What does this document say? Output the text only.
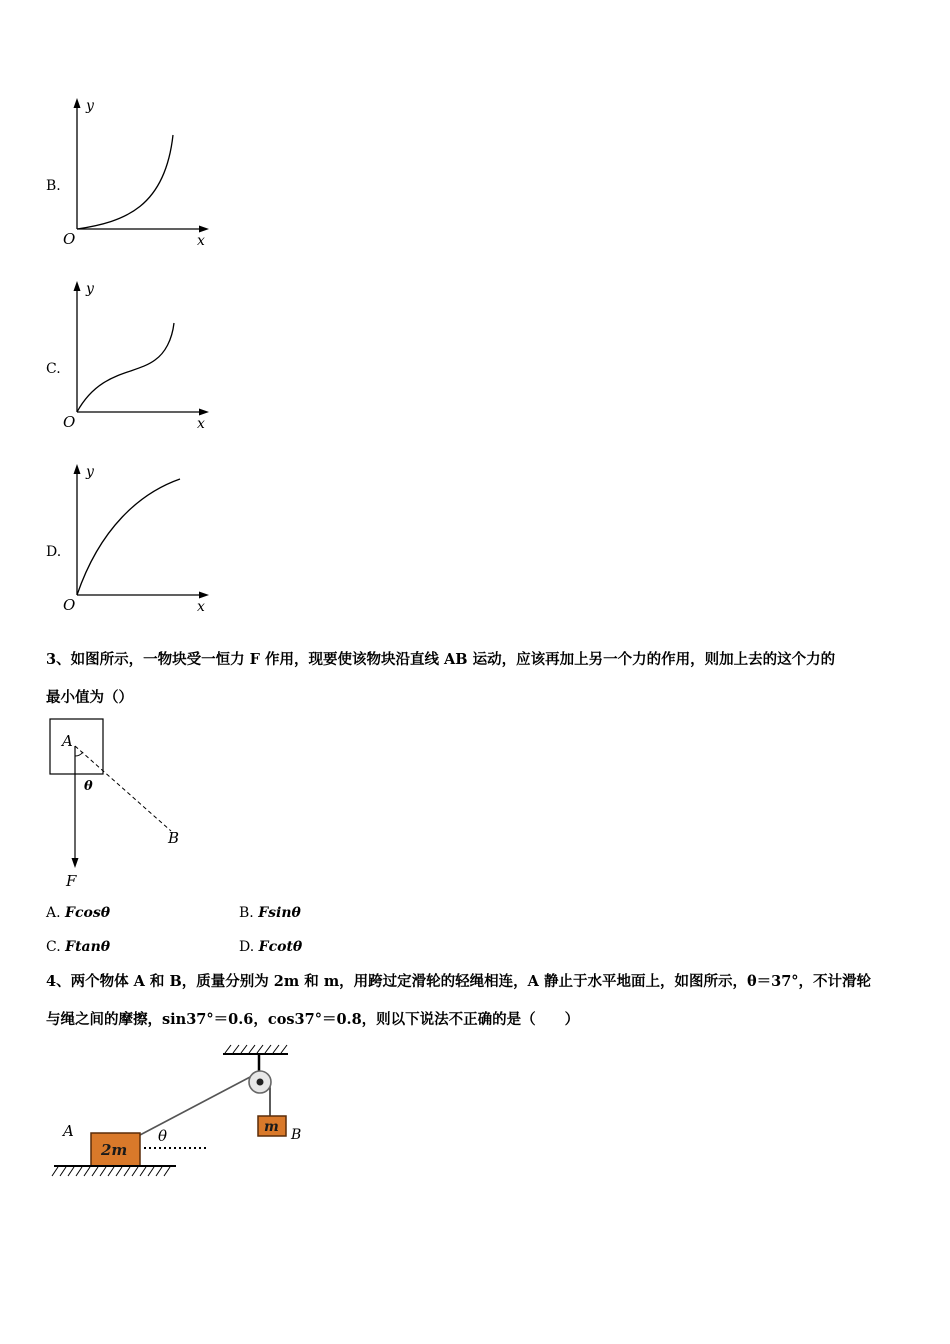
B.
y
x
O
C.
y
x
O
D.
y
x
O
3、如图所示，一物块受一恒力 F 作用，现要使该物块沿直线 AB 运动，应该再加上另一个力的作用，则加上去的这个力的
最小值为（）
A
θ
B
F
A. Fcosθ	B. Fsinθ
C. Ftanθ	D. Fcotθ
4、两个物体 A 和 B，质量分别为 2m 和 m，用跨过定滑轮的轻绳相连，A 静止于水平地面上，如图所示，θ＝37°，不计滑轮
与绳之间的摩擦，sin37°＝0.6，cos37°＝0.8，则以下说法不正确的是（　　）
m B
2m
A	θ
